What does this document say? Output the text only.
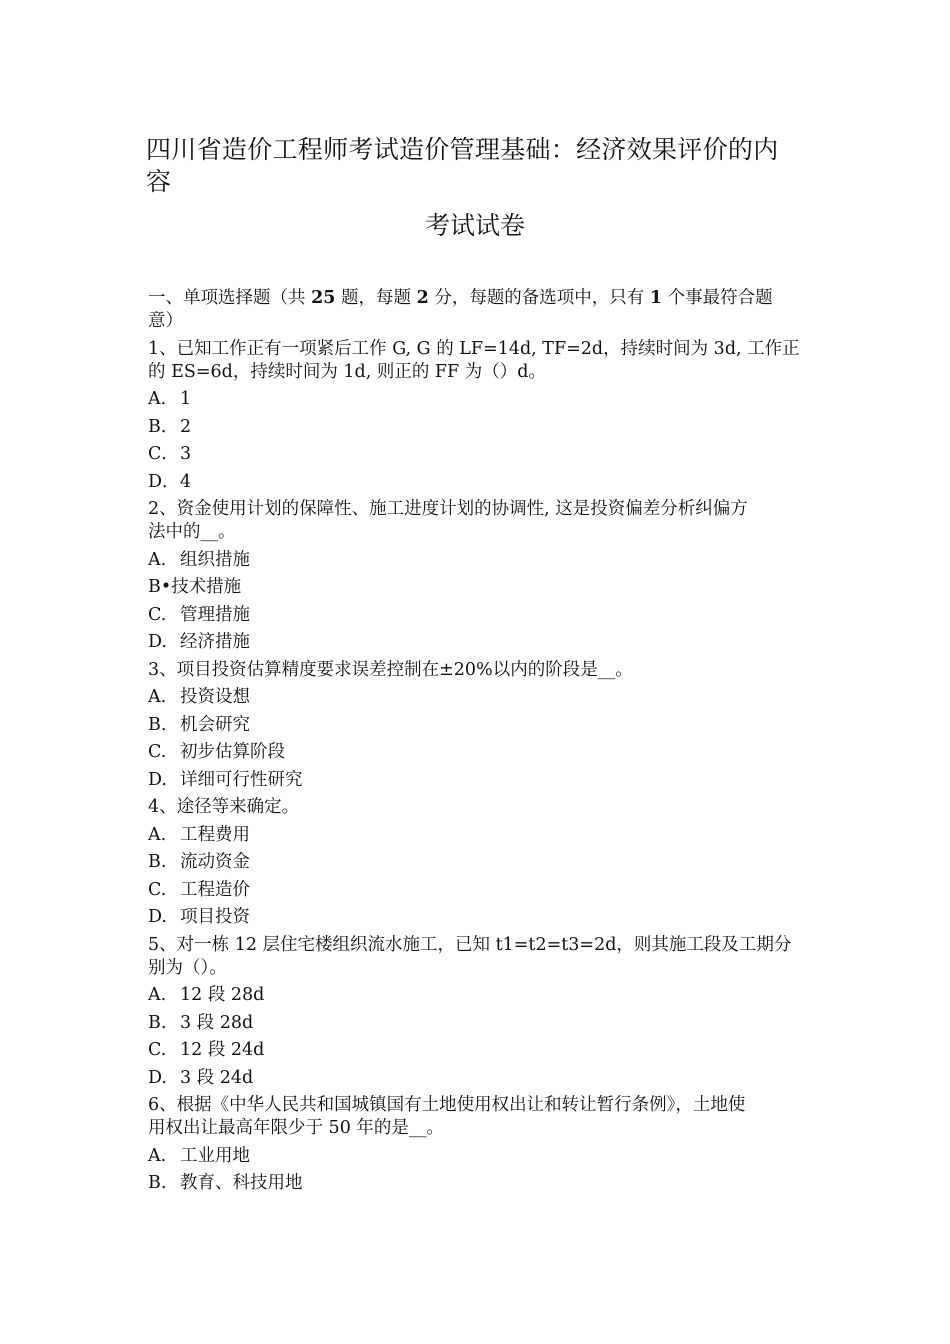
四川省造价工程师考试造价管理基础：经济效果评价的内
容
考试试卷
一、单项选择题（共 25 题，每题 2 分，每题的备选项中，只有 1 个事最符合题
意）
1、已知工作正有一项紧后工作 G, G 的 LF=14d, TF=2d，持续时间为 3d, 工作正
的 ES=6d，持续时间为 1d, 则正的 FF 为（）d。
A． 1
B．2
C．3
D．4
2、资金使用计划的保障性、施工进度计划的协调性, 这是投资偏差分析纠偏方
法中的__。
A. 组织措施
B•技术措施
C. 管理措施
D. 经济措施
3、项目投资估算精度要求误差控制在±20%以内的阶段是__。
A. 投资设想
B. 机会研究
C. 初步估算阶段
D. 详细可行性研究
4、途径等来确定。
A. 工程费用
B. 流动资金
C. 工程造价
D. 项目投资
5、对一栋 12 层住宅楼组织流水施工，已知 t1=t2=t3=2d，则其施工段及工期分
别为（）。
A. 12 段 28d
B. 3 段 28d
C. 12 段 24d
D. 3 段 24d
6、根据《中华人民共和国城镇国有土地使用权出让和转让暂行条例》，土地使
用权出让最高年限少于 50 年的是__。
A. 工业用地
B. 教育、科技用地
